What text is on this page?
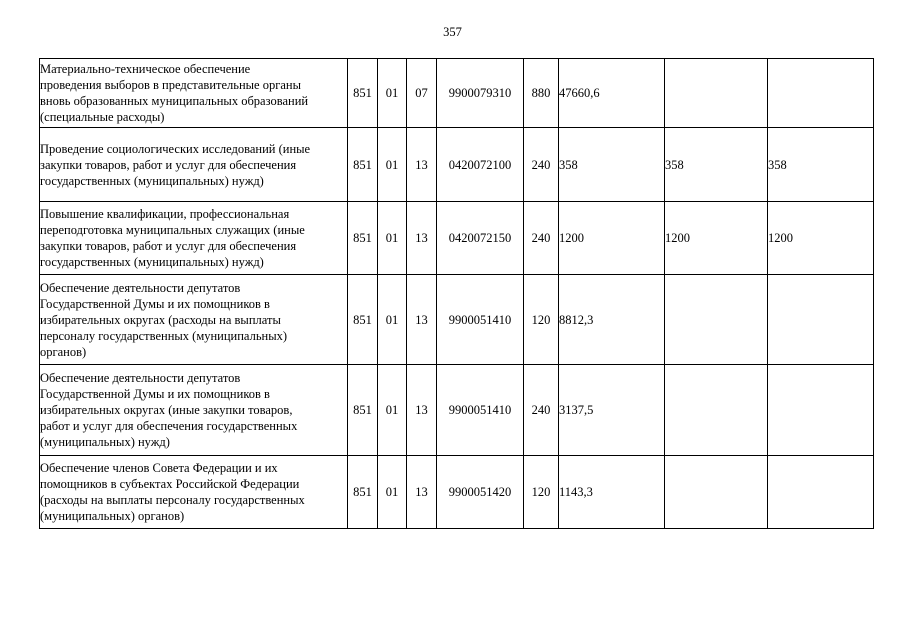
357
Материально-техническое обеспечение
проведения выборов в представительные органы
вновь образованных муниципальных образований
(специальные расходы)	851	01	07	9900079310	880	47660,6		
Проведение социологических исследований (иные
закупки товаров, работ и услуг для обеспечения
государственных (муниципальных) нужд)	851	01	13	0420072100	240	358	358	358
Повышение квалификации, профессиональная
переподготовка муниципальных служащих (иные
закупки товаров, работ и услуг для обеспечения
государственных (муниципальных) нужд)	851	01	13	0420072150	240	1200	1200	1200
Обеспечение деятельности депутатов
Государственной Думы и их помощников в
избирательных округах (расходы на выплаты
персоналу государственных (муниципальных)
органов)	851	01	13	9900051410	120	8812,3		
Обеспечение деятельности депутатов
Государственной Думы и их помощников в
избирательных округах (иные закупки товаров,
работ и услуг для обеспечения государственных
(муниципальных) нужд)	851	01	13	9900051410	240	3137,5		
Обеспечение членов Совета Федерации и их
помощников в субъектах Российской Федерации
(расходы на выплаты персоналу государственных
(муниципальных) органов)	851	01	13	9900051420	120	1143,3		
